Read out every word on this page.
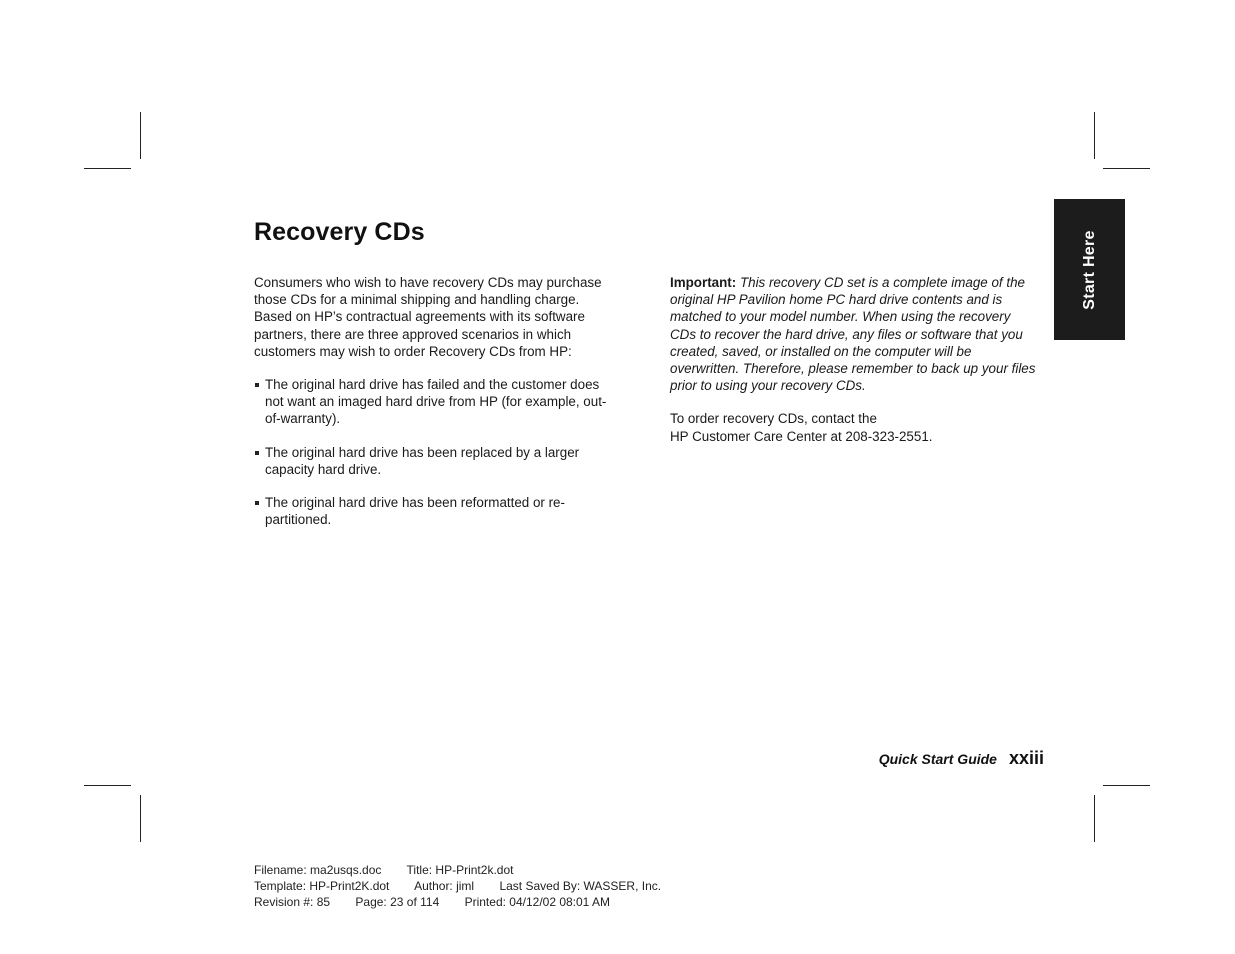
Recovery CDs

Consumers who wish to have recovery CDs may purchase those CDs for a minimal shipping and handling charge. Based on HP’s contractual agreements with its software partners, there are three approved scenarios in which customers may wish to order Recovery CDs from HP:

The original hard drive has failed and the customer does not want an imaged hard drive from HP (for example, out-of-warranty).
The original hard drive has been replaced by a larger capacity hard drive.
The original hard drive has been reformatted or re-partitioned.

Important: This recovery CD set is a complete image of the original HP Pavilion home PC hard drive contents and is matched to your model number. When using the recovery CDs to recover the hard drive, any files or software that you created, saved, or installed on the computer will be overwritten. Therefore, please remember to back up your files prior to using your recovery CDs.

To order recovery CDs, contact the
HP Customer Care Center at 208-323-2551.

Start Here
Quick Start Guide xxiii
Filename: ma2usqs.doc Title: HP-Print2k.dot
Template: HP-Print2K.dot Author: jiml Last Saved By: WASSER, Inc.
Revision #: 85 Page: 23 of 114 Printed: 04/12/02 08:01 AM
